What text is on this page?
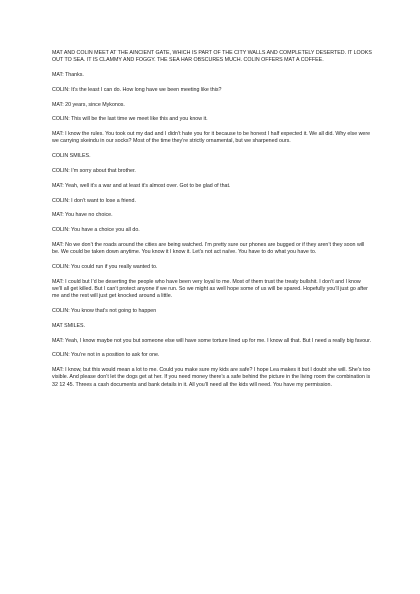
MAT AND COLIN MEET AT THE AINCIENT GATE, WHICH IS PART OF THE CITY WALLS AND COMPLETELY DESERTED. IT LOOKS OUT TO SEA. IT IS CLAMMY AND FOGGY. THE SEA HAR OBSCURES MUCH. COLIN OFFERS MAT A COFFEE.

MAT: Thanks.

COLIN: It’s the least I can do. How long have we been meeting like this?

MAT: 20 years, since Mykonos.

COLIN: This will be the last time we meet like this and you know it.

MAT: I know the rules. You took out my dad and I didn’t hate you for it because to be honest I half expected it. We all did. Why else were we carrying skeindu in our socks? Most of the time they’re strictly ornamental, but we sharpened ours.

COLIN SMILES.

COLIN: I’m sorry about that brother.

MAT: Yeah, well it’s a war and at least it’s almost over. Got to be glad of that.

COLIN: I don’t want to lose a friend.

MAT: You have no choice.

COLIN: You have a choice you all do.

MAT: No we don’t the roads around the cities are being watched. I’m pretty sure our phones are bugged or if they aren’t they soon will be. We could be taken down anytime. You know it I know it. Let’s not act naïve. You have to do what you have to.

COLIN: You could run if you really wanted to.

MAT: I could but I’d be deserting the people who have been very loyal to me. Most of them trust the treaty bullshit. I don’t and I know we’ll all get killed. But I can’t protect anyone if we run. So we might as well hope some of us will be spared. Hopefully you’ll just go after me and the rest will just get knocked around a little.

COLIN: You know that’s not going to happen

MAT SMILES.

MAT: Yeah, I know maybe not you but someone else will have some torture lined up for me. I know all that. But I need a really big favour.

COLIN: You’re not in a position to ask for one.

MAT: I know, but this would mean a lot to me. Could you make sure my kids are safe? I hope Lea makes it but I doubt she will. She’s too visible. And please don’t let the dogs get at her. If you need money there’s a safe behind the picture in the living room the combination is 32 12 45. Threes a cash documents and bank details in it. All you’ll need all the kids will need. You have my permission.
